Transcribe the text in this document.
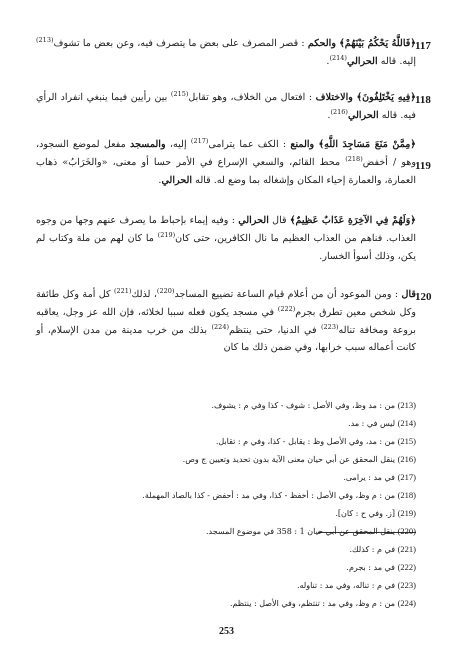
117
﴿فَاللَّهُ يَحْكُمُ بَيْنَهُمْ﴾ والحكم : قصر المصرف على بعض ما يتصرف فيه، وعن بعض ما تشوف$^{(213)}$ إليه. قاله الحرالي$^{(214)}$.
118
﴿فِيهِ يَخْتَلِفُونَ﴾ والاختلاف : افتعال من الخلاف، وهو تقابل$^{(215)}$ بين رأيين فيما ينبغي انفراد الرأي فيه. قاله الحرالي$^{(216)}$.
119
﴿مِمَّنْ مَنَعَ مَسَاجِدَ اللَّهِ﴾ والمنع : الكف عما يترامى$^{(217)}$ إليه، والمسجد مفعل لموضع السجود، وهو / أخفض$^{(218)}$ محط القائم، والسعي الإسراع في الأمر حسا أو معنى، «والخَرَابُ» ذهاب العمارة، والعمارة إحياء المكان وإشغاله بما وضع له. قاله الحرالي.
﴿وَلَهُمْ فِي الآخِرَةِ عَذَابٌ عَظِيمٌ﴾ قال الحرالي : وفيه إيماء بإحباط ما يصرف عنهم وجها من وجوه العذاب. فناهم من العذاب العظيم ما نال الكافرين، حتى كان$^{(219)}$ ما كان لهم من ملة وكتاب لم يكن، وذلك أسوأ الخسار.
120
قال : ومن الموعود أن من أعلام قيام الساعة تضييع المساجد$^{(220)}$، لذلك$^{(221)}$ كل أمة وكل طائفة وكل شخص معين تطرق بجرم$^{(222)}$ في مسجد يكون فعله سببا لخلائه، فإن الله عز وجل، يعاقبه بروعة ومخافة تناله$^{(223)}$ في الدنيا، حتى ينتظم$^{(224)}$ بذلك من خرب مدينة من مدن الإسلام، أو كانت أعماله سبب خرابها، وفي ضمن ذلك ما كان
(213) من : مد وظ، وفي الأصل : شوف - كذا وفي م : يشوف.
(214) ليس في : مد.
(215) من : مد، وفي الأصل وظ : يقابل - كذا، وفي م : تقابل.
(216) ينقل المحقق عن أبي حيان معنى الآية بدون تحديد وتعيين ج وص.
(217) في مد : يرامى.
(218) من : م وظ، وفي الأصل : أخفظ - كذا، وفي مد : أحفض - كذا بالصاد المهملة.
(219) [ز. وفي ح : كان].
(220) ينقل المحقق عن أبي حيان 1 : 358 في موضوع المسجد.
(221) في م : كذلك.
(222) في مد : بجرم.
(223) في م : تناله، وفي مد : تناوله.
(224) من : م وظ، وفي مد : تنتظم، وفي الأصل : ينتظم.
253
